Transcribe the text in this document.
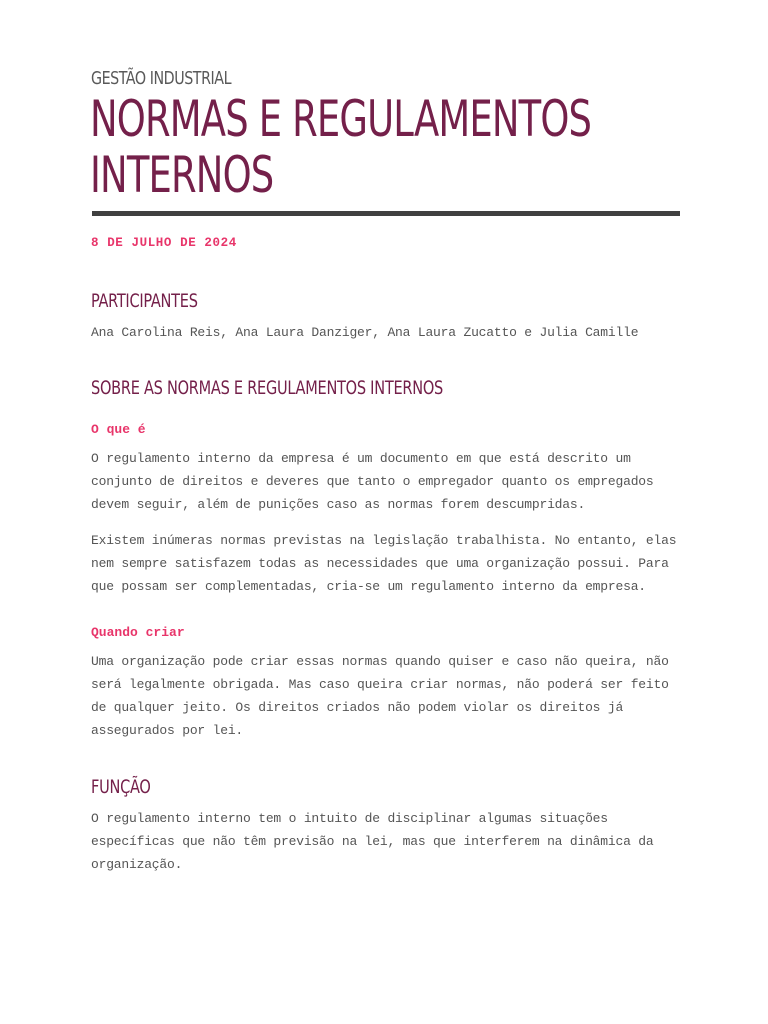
GESTÃO INDUSTRIAL
NORMAS E REGULAMENTOS
INTERNOS
8 DE JULHO DE 2024
PARTICIPANTES

Ana Carolina Reis, Ana Laura Danziger, Ana Laura Zucatto e Julia Camille

SOBRE AS NORMAS E REGULAMENTOS INTERNOS
O que é

O regulamento interno da empresa é um documento em que está descrito um
conjunto de direitos e deveres que tanto o empregador quanto os empregados
devem seguir, além de punições caso as normas forem descumpridas.

Existem inúmeras normas previstas na legislação trabalhista. No entanto, elas
nem sempre satisfazem todas as necessidades que uma organização possui. Para
que possam ser complementadas, cria-se um regulamento interno da empresa.

Quando criar

Uma organização pode criar essas normas quando quiser e caso não queira, não
será legalmente obrigada. Mas caso queira criar normas, não poderá ser feito
de qualquer jeito. Os direitos criados não podem violar os direitos já
assegurados por lei.

FUNÇÃO

O regulamento interno tem o intuito de disciplinar algumas situações
específicas que não têm previsão na lei, mas que interferem na dinâmica da
organização.
